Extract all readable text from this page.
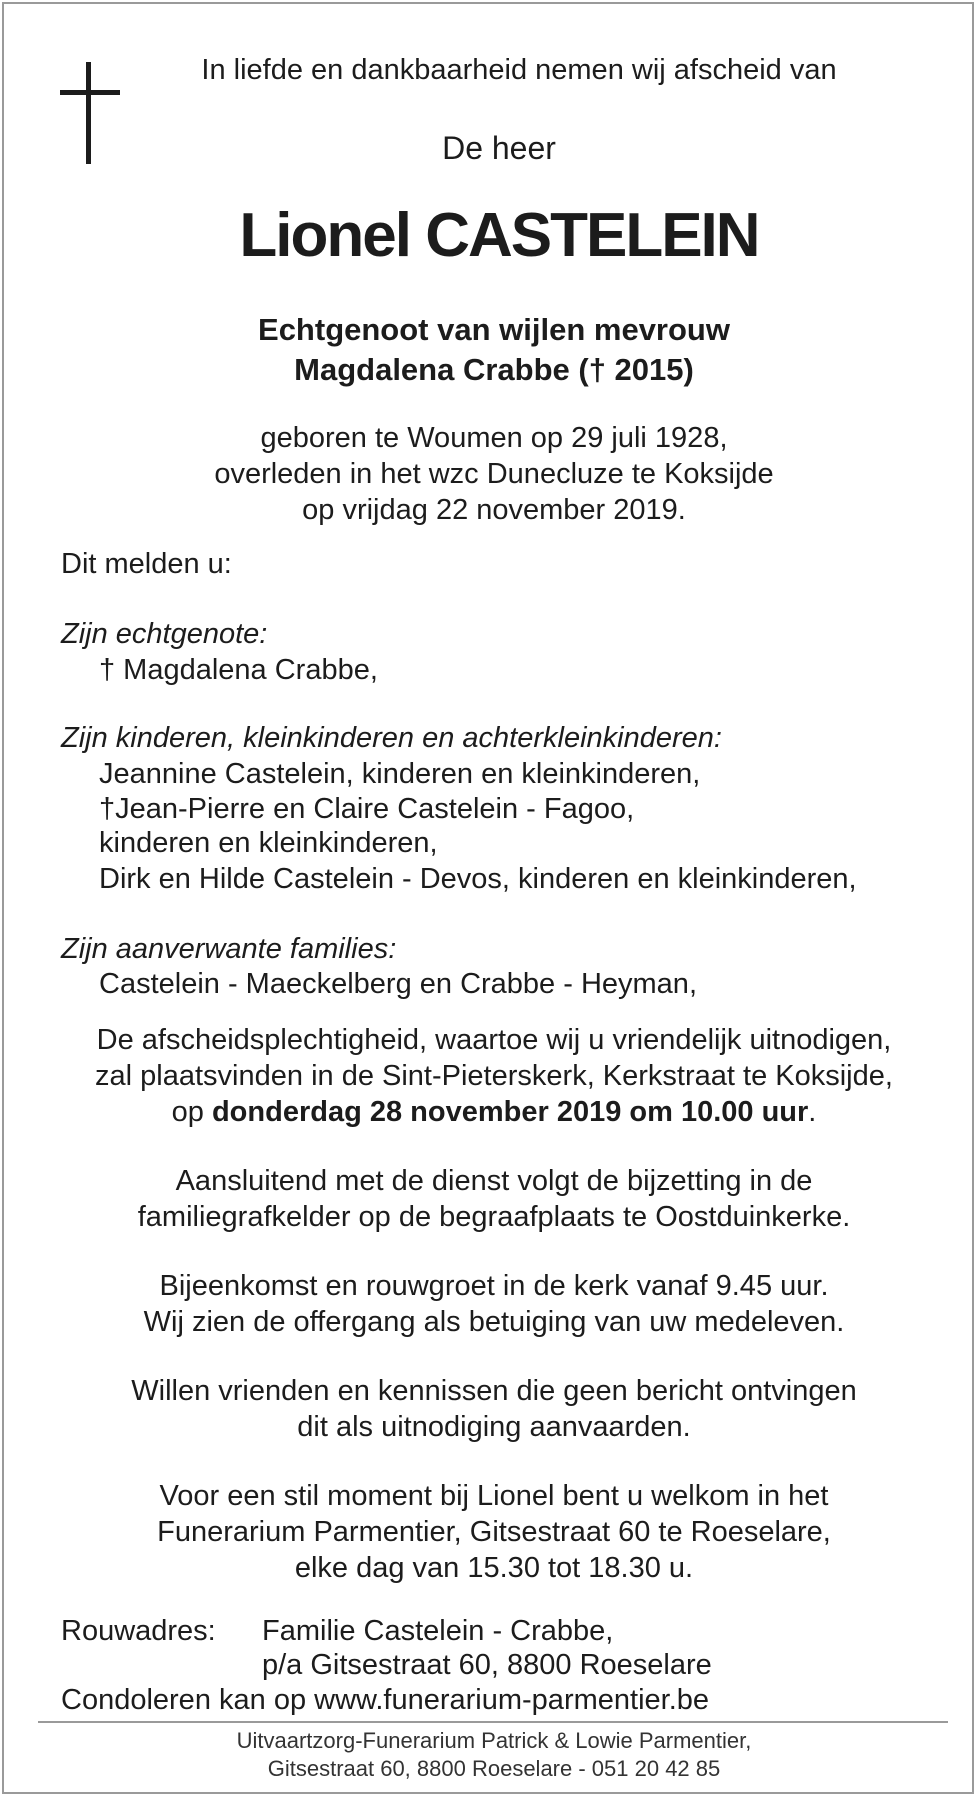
In liefde en dankbaarheid nemen wij afscheid van
De heer
Lionel CASTELEIN
Echtgenoot van wijlen mevrouw
Magdalena Crabbe († 2015)
geboren te Woumen op 29 juli 1928,
overleden in het wzc Dunecluze te Koksijde
op vrijdag 22 november 2019.
Dit melden u:
Zijn echtgenote:
† Magdalena Crabbe,
Zijn kinderen, kleinkinderen en achterkleinkinderen:
Jeannine Castelein, kinderen en kleinkinderen,
†Jean-Pierre en Claire Castelein - Fagoo,
kinderen en kleinkinderen,
Dirk en Hilde Castelein - Devos, kinderen en kleinkinderen,
Zijn aanverwante families:
Castelein - Maeckelberg en Crabbe - Heyman,
De afscheidsplechtigheid, waartoe wij u vriendelijk uitnodigen,
zal plaatsvinden in de Sint-Pieterskerk, Kerkstraat te Koksijde,
op donderdag 28 november 2019 om 10.00 uur.
Aansluitend met de dienst volgt de bijzetting in de
familiegrafkelder op de begraafplaats te Oostduinkerke.
Bijeenkomst en rouwgroet in de kerk vanaf 9.45 uur.
Wij zien de offergang als betuiging van uw medeleven.
Willen vrienden en kennissen die geen bericht ontvingen
dit als uitnodiging aanvaarden.
Voor een stil moment bij Lionel bent u welkom in het
Funerarium Parmentier, Gitsestraat 60 te Roeselare,
elke dag van 15.30 tot 18.30 u.
Rouwadres: Familie Castelein - Crabbe,
p/a Gitsestraat 60, 8800 Roeselare
Condoleren kan op www.funerarium-parmentier.be
Uitvaartzorg-Funerarium Patrick & Lowie Parmentier,
Gitsestraat 60, 8800 Roeselare - 051 20 42 85
